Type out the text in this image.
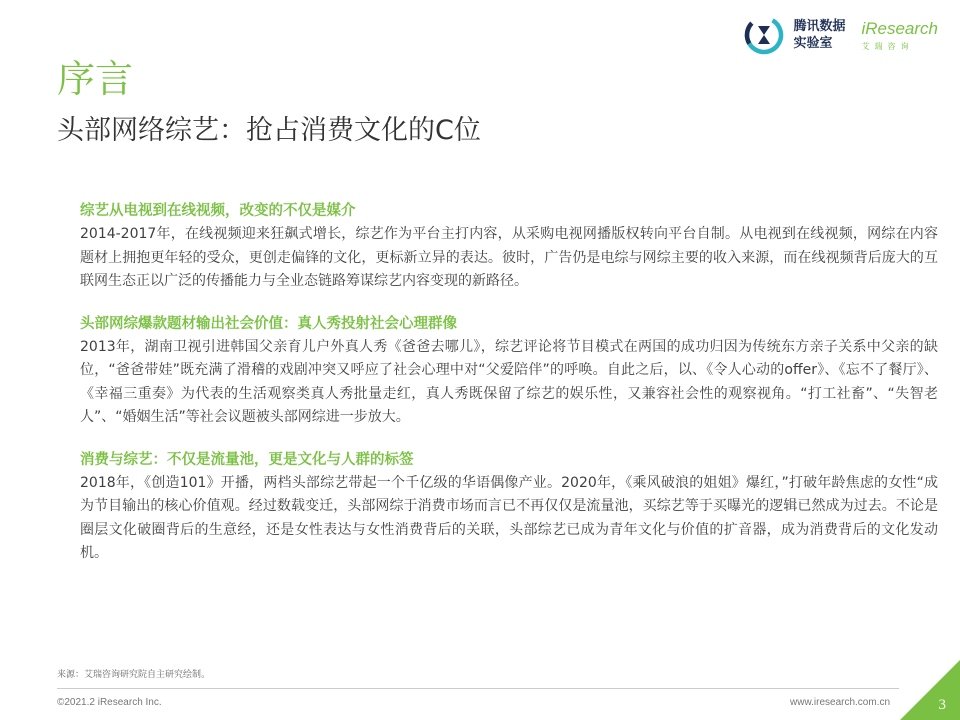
腾讯数据
实验室
iResearch
艾瑞咨询
序言
头部网络综艺：抢占消费文化的C位

综艺从电视到在线视频，改变的不仅是媒介

2014-2017年，在线视频迎来狂飙式增长，综艺作为平台主打内容，从采购电视网播版权转向平台自制。从电视到在线视频，网综在内容题材上拥抱更年轻的受众，更创走偏锋的文化，更标新立异的表达。彼时，广告仍是电综与网综主要的收入来源，而在线视频背后庞大的互联网生态正以广泛的传播能力与全业态链路筹谋综艺内容变现的新路径。

头部网综爆款题材输出社会价值：真人秀投射社会心理群像

2013年，湖南卫视引进韩国父亲育儿户外真人秀《爸爸去哪儿》，综艺评论将节目模式在两国的成功归因为传统东方亲子关系中父亲的缺位，“爸爸带娃”既充满了滑稽的戏剧冲突又呼应了社会心理中对“父爱陪伴”的呼唤。自此之后，以、《令人心动的offer》、《忘不了餐厅》、《幸福三重奏》为代表的生活观察类真人秀批量走红，真人秀既保留了综艺的娱乐性，又兼容社会性的观察视角。“打工社畜”、“失智老人”、“婚姻生活”等社会议题被头部网综进一步放大。

消费与综艺：不仅是流量池，更是文化与人群的标签

2018年，《创造101》开播，两档头部综艺带起一个千亿级的华语偶像产业。2020年，《乘风破浪的姐姐》爆红，”打破年龄焦虑的女性“成为节目输出的核心价值观。经过数载变迁，头部网综于消费市场而言已不再仅仅是流量池，买综艺等于买曝光的逻辑已然成为过去。不论是圈层文化破圈背后的生意经，还是女性表达与女性消费背后的关联，头部综艺已成为青年文化与价值的扩音器，成为消费背后的文化发动机。

来源：艾瑞咨询研究院自主研究绘制。
©2021.2 iResearch Inc.	www.iresearch.com.cn	3
